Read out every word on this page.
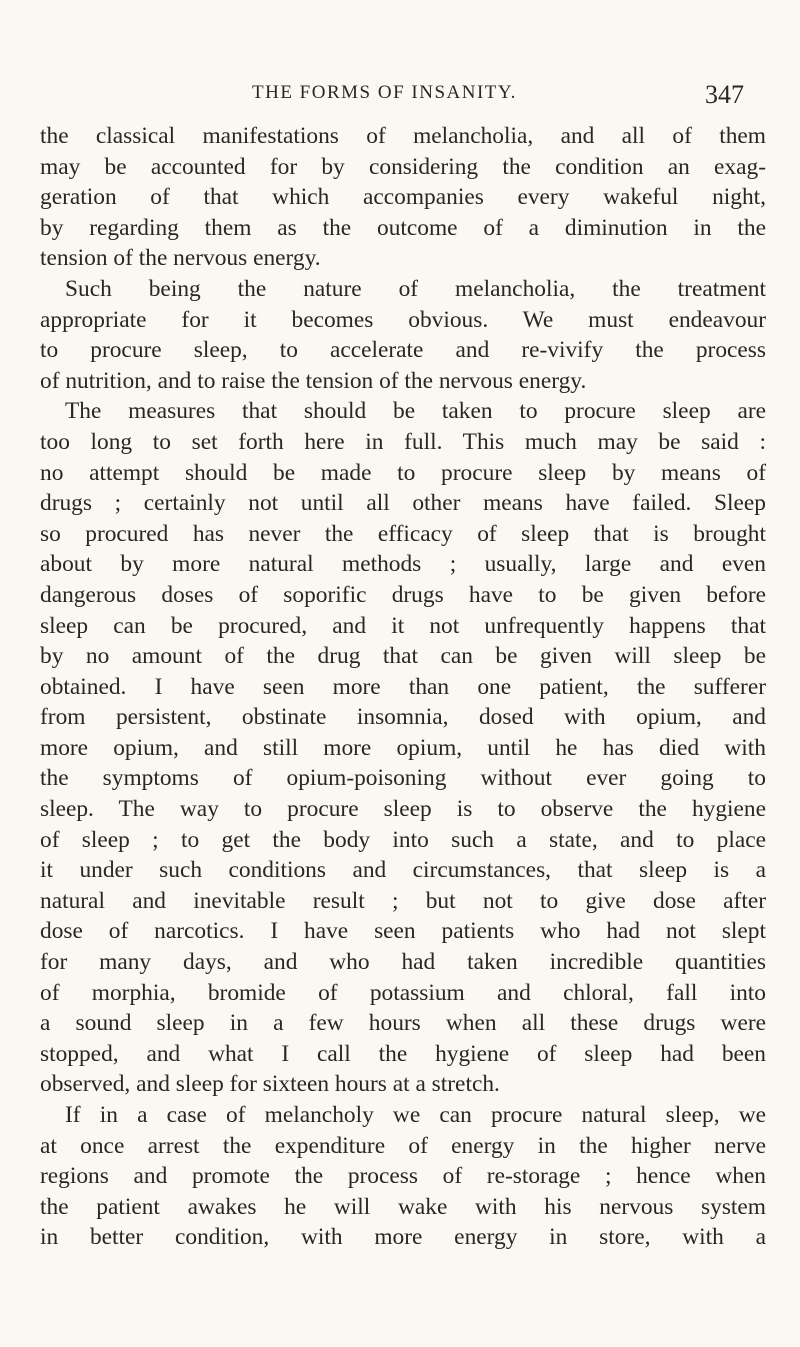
THE FORMS OF INSANITY.	347
the classical manifestations of melancholia, and all of them
may be accounted for by considering the condition an exag-
geration of that which accompanies every wakeful night,
by regarding them as the outcome of a diminution in the
tension of the nervous energy.
Such being the nature of melancholia, the treatment
appropriate for it becomes obvious. We must endeavour
to procure sleep, to accelerate and re-vivify the process
of nutrition, and to raise the tension of the nervous energy.
The measures that should be taken to procure sleep are
too long to set forth here in full. This much may be said :
no attempt should be made to procure sleep by means of
drugs ; certainly not until all other means have failed. Sleep
so procured has never the efficacy of sleep that is brought
about by more natural methods ; usually, large and even
dangerous doses of soporific drugs have to be given before
sleep can be procured, and it not unfrequently happens that
by no amount of the drug that can be given will sleep be
obtained. I have seen more than one patient, the sufferer
from persistent, obstinate insomnia, dosed with opium, and
more opium, and still more opium, until he has died with
the symptoms of opium-poisoning without ever going to
sleep. The way to procure sleep is to observe the hygiene
of sleep ; to get the body into such a state, and to place
it under such conditions and circumstances, that sleep is a
natural and inevitable result ; but not to give dose after
dose of narcotics. I have seen patients who had not slept
for many days, and who had taken incredible quantities
of morphia, bromide of potassium and chloral, fall into
a sound sleep in a few hours when all these drugs were
stopped, and what I call the hygiene of sleep had been
observed, and sleep for sixteen hours at a stretch.
If in a case of melancholy we can procure natural sleep, we
at once arrest the expenditure of energy in the higher nerve
regions and promote the process of re-storage ; hence when
the patient awakes he will wake with his nervous system
in better condition, with more energy in store, with a
